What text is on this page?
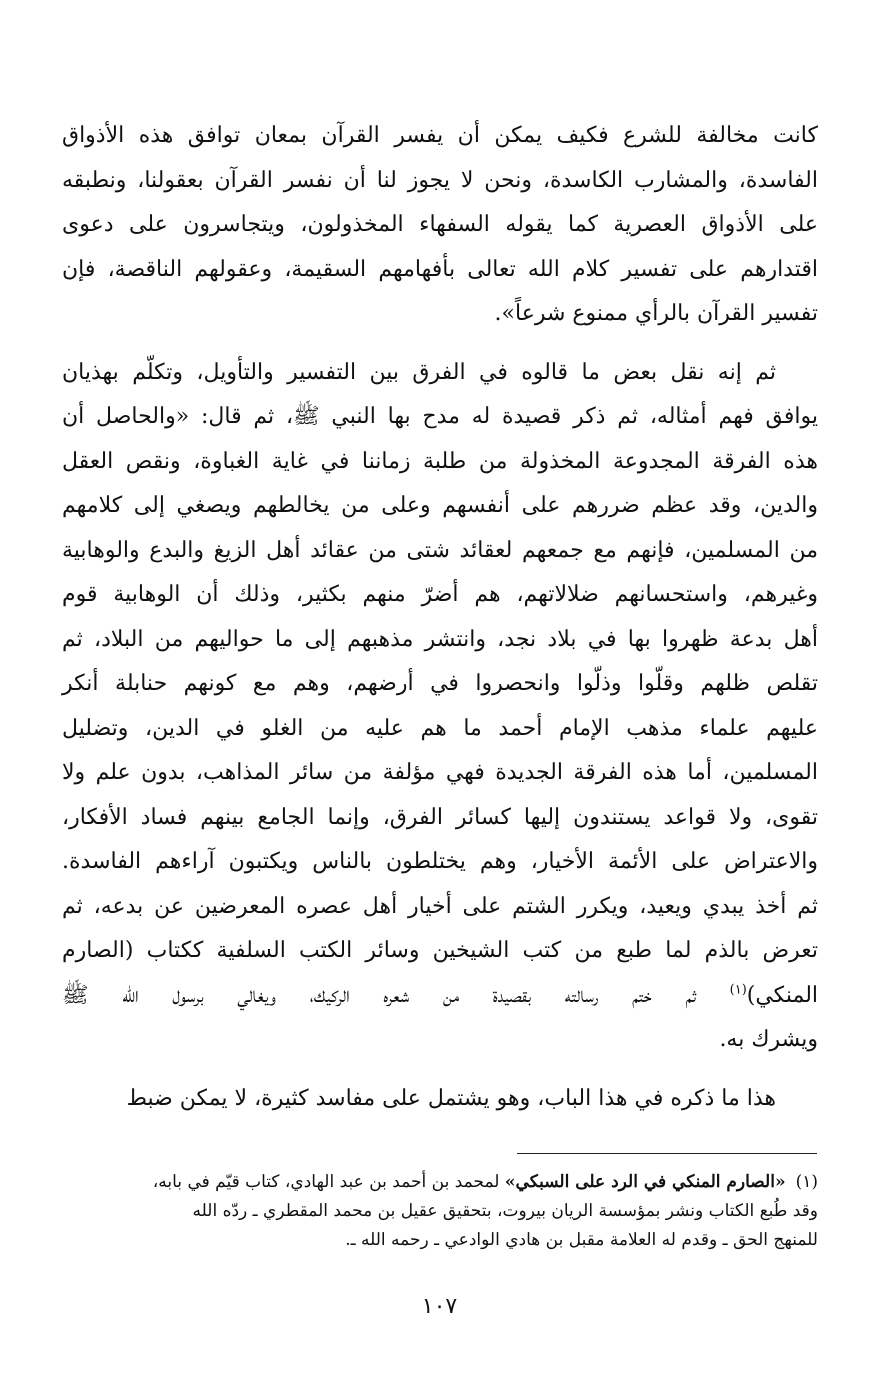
كانت مخالفة للشرع فكيف يمكن أن يفسر القرآن بمعان توافق هذه الأذواق
الفاسدة، والمشارب الكاسدة، ونحن لا يجوز لنا أن نفسر القرآن بعقولنا، ونطبقه
على الأذواق العصرية كما يقوله السفهاء المخذولون، ويتجاسرون على دعوى
اقتدارهم على تفسير كلام الله تعالى بأفهامهم السقيمة، وعقولهم الناقصة، فإن
تفسير القرآن بالرأي ممنوع شرعاً».

ثم إنه نقل بعض ما قالوه في الفرق بين التفسير والتأويل، وتكلّم بهذيان
يوافق فهم أمثاله، ثم ذكر قصيدة له مدح بها النبي ﷺ، ثم قال: «والحاصل أن
هذه الفرقة المجدوعة المخذولة من طلبة زماننا في غاية الغباوة، ونقص العقل
والدين، وقد عظم ضررهم على أنفسهم وعلى من يخالطهم ويصغي إلى كلامهم
من المسلمين، فإنهم مع جمعهم لعقائد شتى من عقائد أهل الزيغ والبدع والوهابية
وغيرهم، واستحسانهم ضلالاتهم، هم أضرّ منهم بكثير، وذلك أن الوهابية قوم
أهل بدعة ظهروا بها في بلاد نجد، وانتشر مذهبهم إلى ما حواليهم من البلاد، ثم
تقلص ظلهم وقلّوا وذلّوا وانحصروا في أرضهم، وهم مع كونهم حنابلة أنكر
عليهم علماء مذهب الإمام أحمد ما هم عليه من الغلو في الدين، وتضليل
المسلمين، أما هذه الفرقة الجديدة فهي مؤلفة من سائر المذاهب، بدون علم ولا
تقوى، ولا قواعد يستندون إليها كسائر الفرق، وإنما الجامع بينهم فساد الأفكار،
والاعتراض على الأئمة الأخيار، وهم يختلطون بالناس ويكتبون آراءهم الفاسدة.
ثم أخذ يبدي ويعيد، ويكرر الشتم على أخيار أهل عصره المعرضين عن بدعه، ثم
تعرض بالذم لما طبع من كتب الشيخين وسائر الكتب السلفية ككتاب (الصارم
المنكي)$^{(١)}$ ثم ختم رسالته بقصيدة من شعره الركيك، ويغالي برسول الله ﷺ
ويشرك به.

هذا ما ذكره في هذا الباب، وهو يشتمل على مفاسد كثيرة، لا يمكن ضبط

(١)«الصارم المنكي في الرد على السبكي» لمحمد بن أحمد بن عبد الهادي، كتاب قيّم في بابه،
وقد طُبع الكتاب ونشر بمؤسسة الريان بيروت، بتحقيق عقيل بن محمد المقطري ـ ردّه الله
للمنهج الحق ـ وقدم له العلامة مقبل بن هادي الوادعي ـ رحمه الله ـ.
١٠٧
